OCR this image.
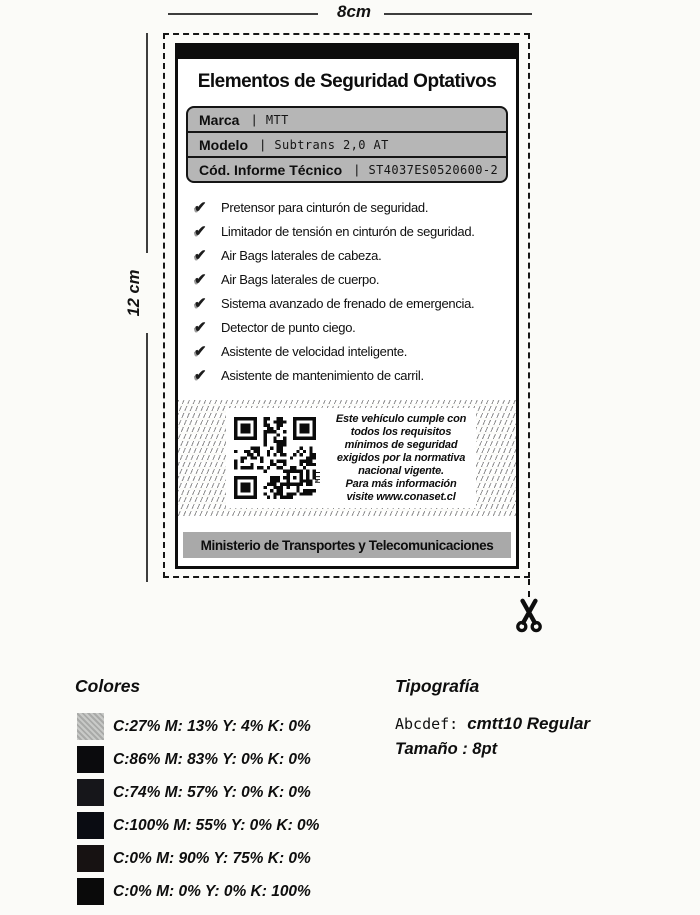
8cm
12 cm
Elementos de Seguridad Optativos
Marca | MTT
Modelo | Subtrans 2,0 AT
Cód. Informe Técnico | ST4037ES0520600-2
✔	Pretensor para cinturón de seguridad.
✔	Limitador de tensión en cinturón de seguridad.
✔	Air Bags laterales de cabeza.
✔	Air Bags laterales de cuerpo.
✔	Sistema avanzado de frenado de emergencia.
✔	Detector de punto ciego.
✔	Asistente de velocidad inteligente.
✔	Asistente de mantenimiento de carril.
MTT
Este vehículo cumple con
todos los requisitos
mínimos de seguridad
exigidos por la normativa
nacional vigente.
Para más información
visite www.conaset.cl
Ministerio de Transportes y Telecomunicaciones
Colores
C:27% M: 13% Y: 4% K: 0%
C:86% M: 83% Y: 0% K: 0%
C:74% M: 57% Y: 0% K: 0%
C:100% M: 55% Y: 0% K: 0%
C:0% M: 90% Y: 75% K: 0%
C:0% M: 0% Y: 0% K: 100%
Tipografía
Abcdef: cmtt10 Regular
Tamaño : 8pt
